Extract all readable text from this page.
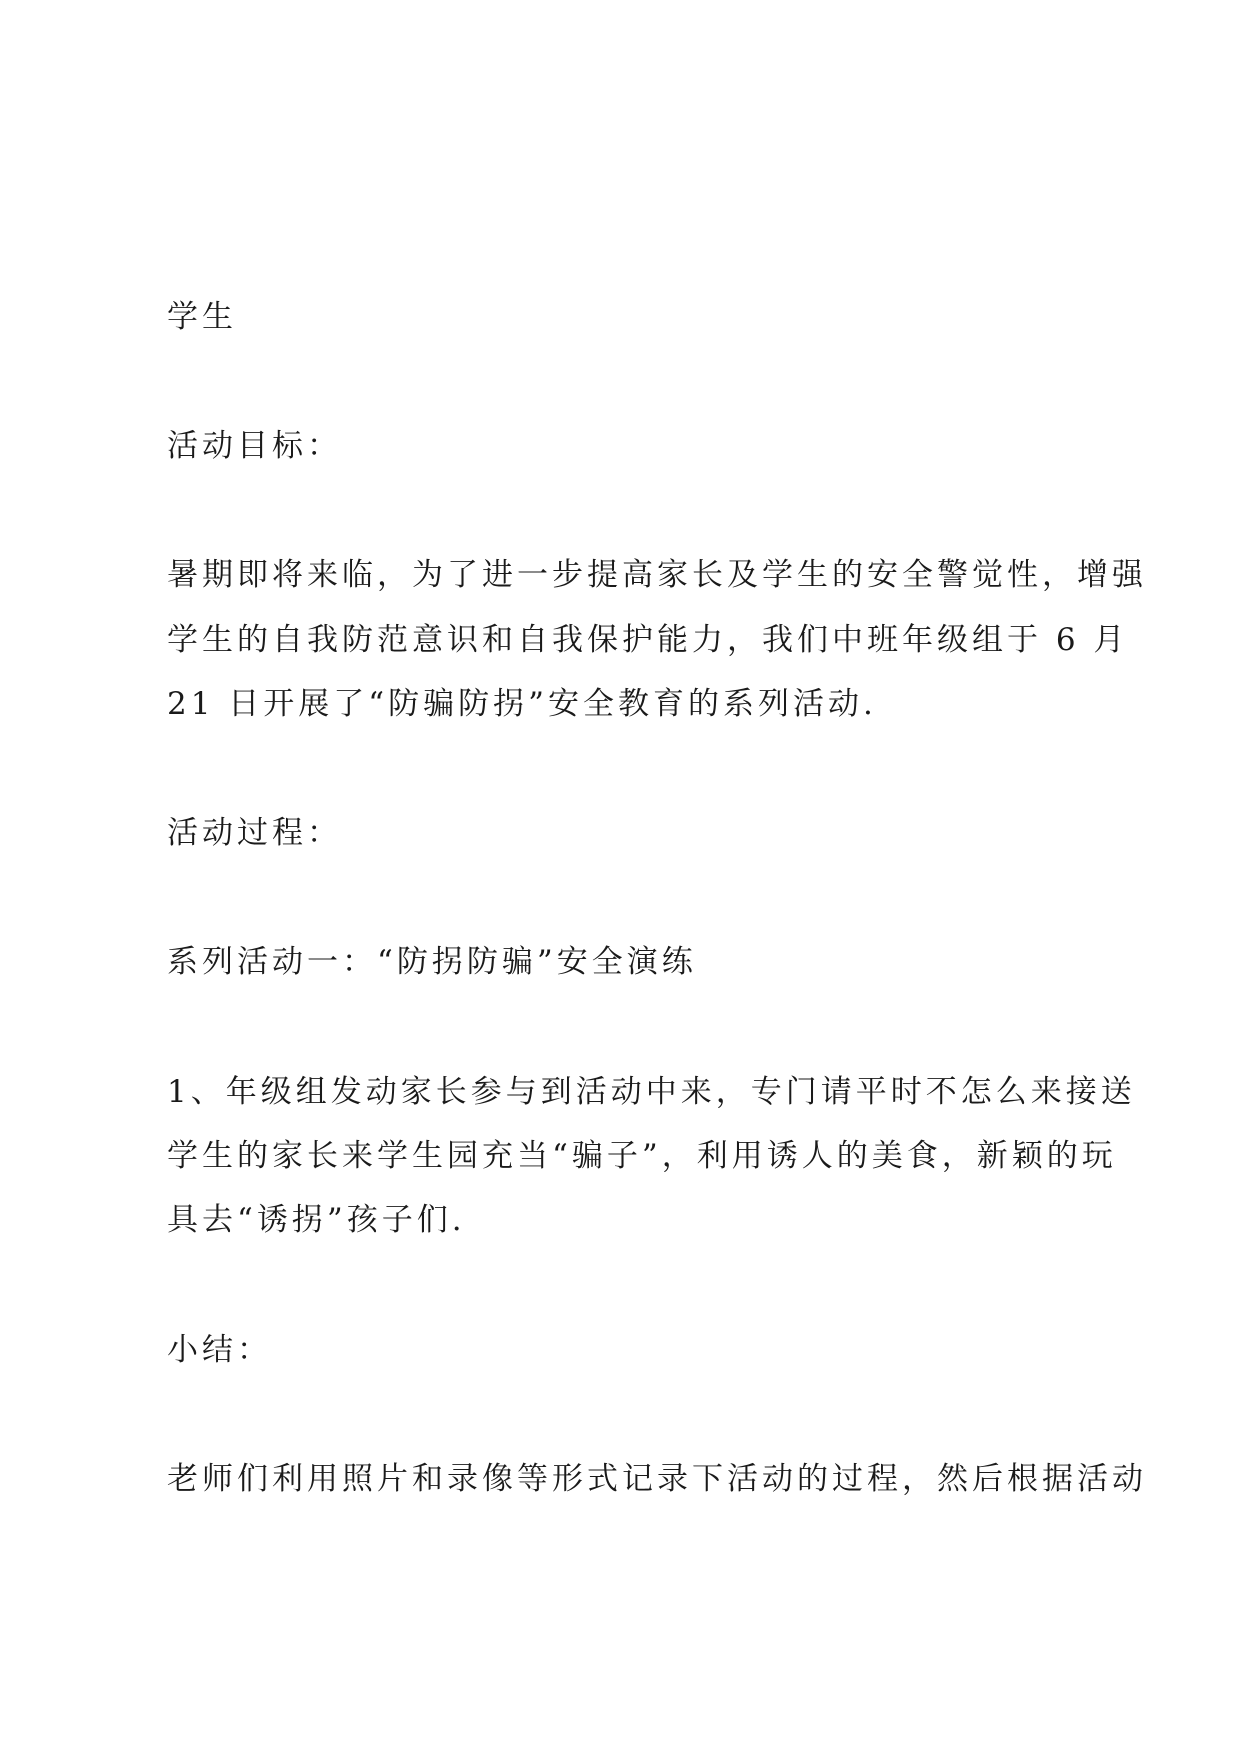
学生
活动目标：
暑期即将来临，为了进一步提高家长及学生的安全警觉性，增强
学生的自我防范意识和自我保护能力，我们中班年级组于 6 月
21 日开展了“防骗防拐”安全教育的系列活动.
活动过程：
系列活动一：“防拐防骗”安全演练
1、年级组发动家长参与到活动中来，专门请平时不怎么来接送
学生的家长来学生园充当“骗子”，利用诱人的美食，新颖的玩
具去“诱拐”孩子们.
小结：
老师们利用照片和录像等形式记录下活动的过程，然后根据活动
